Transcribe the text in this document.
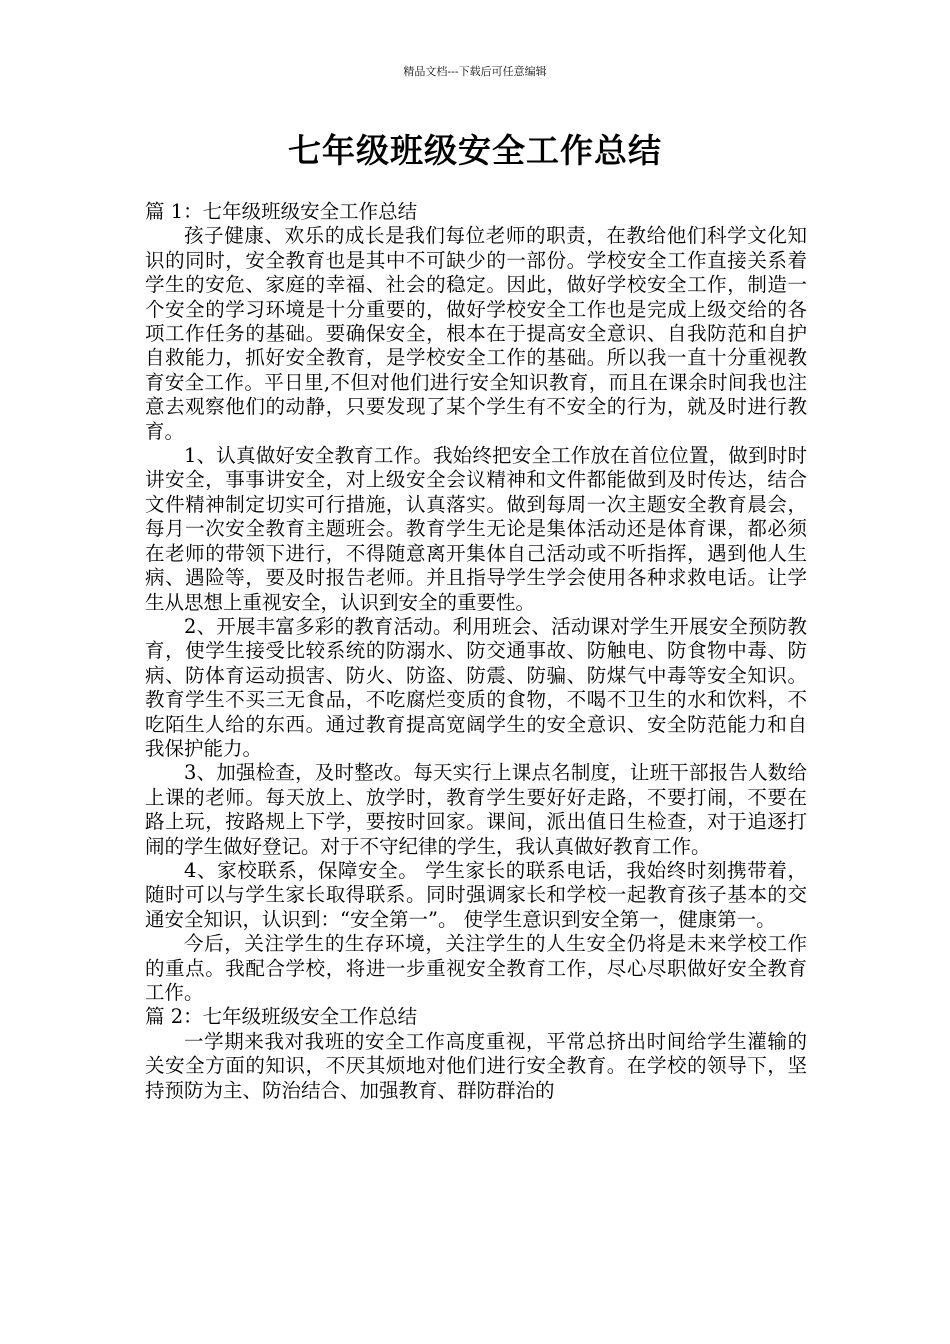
精品文档---下载后可任意编辑
七年级班级安全工作总结

篇 1：七年级班级安全工作总结

孩子健康、欢乐的成长是我们每位老师的职责，在教给他们科学文化知识的同时，安全教育也是其中不可缺少的一部份。学校安全工作直接关系着学生的安危、家庭的幸福、社会的稳定。因此，做好学校安全工作，制造一个安全的学习环境是十分重要的，做好学校安全工作也是完成上级交给的各项工作任务的基础。要确保安全，根本在于提高安全意识、自我防范和自护自救能力，抓好安全教育，是学校安全工作的基础。所以我一直十分重视教育安全工作。平日里,不但对他们进行安全知识教育，而且在课余时间我也注意去观察他们的动静，只要发现了某个学生有不安全的行为，就及时进行教育。

1、认真做好安全教育工作。我始终把安全工作放在首位位置，做到时时讲安全，事事讲安全，对上级安全会议精神和文件都能做到及时传达，结合文件精神制定切实可行措施，认真落实。做到每周一次主题安全教育晨会，每月一次安全教育主题班会。教育学生无论是集体活动还是体育课，都必须在老师的带领下进行，不得随意离开集体自己活动或不听指挥，遇到他人生病、遇险等，要及时报告老师。并且指导学生学会使用各种求救电话。让学生从思想上重视安全，认识到安全的重要性。

2、开展丰富多彩的教育活动。利用班会、活动课对学生开展安全预防教育，使学生接受比较系统的防溺水、防交通事故、防触电、防食物中毒、防病、防体育运动损害、防火、防盗、防震、防骗、防煤气中毒等安全知识。教育学生不买三无食品，不吃腐烂变质的食物，不喝不卫生的水和饮料，不吃陌生人给的东西。通过教育提高宽阔学生的安全意识、安全防范能力和自我保护能力。

3、加强检查，及时整改。每天实行上课点名制度，让班干部报告人数给上课的老师。每天放上、放学时，教育学生要好好走路，不要打闹，不要在路上玩，按路规上下学，要按时回家。课间，派出值日生检查，对于追逐打闹的学生做好登记。对于不守纪律的学生，我认真做好教育工作。

4、家校联系，保障安全。 学生家长的联系电话，我始终时刻携带着，随时可以与学生家长取得联系。同时强调家长和学校一起教育孩子基本的交通安全知识，认识到：“安全第一”。 使学生意识到安全第一，健康第一。

今后，关注学生的生存环境，关注学生的人生安全仍将是未来学校工作的重点。我配合学校，将进一步重视安全教育工作，尽心尽职做好安全教育工作。

篇 2：七年级班级安全工作总结

一学期来我对我班的安全工作高度重视，平常总挤出时间给学生灌输的关安全方面的知识，不厌其烦地对他们进行安全教育。在学校的领导下，坚持预防为主、防治结合、加强教育、群防群治的
